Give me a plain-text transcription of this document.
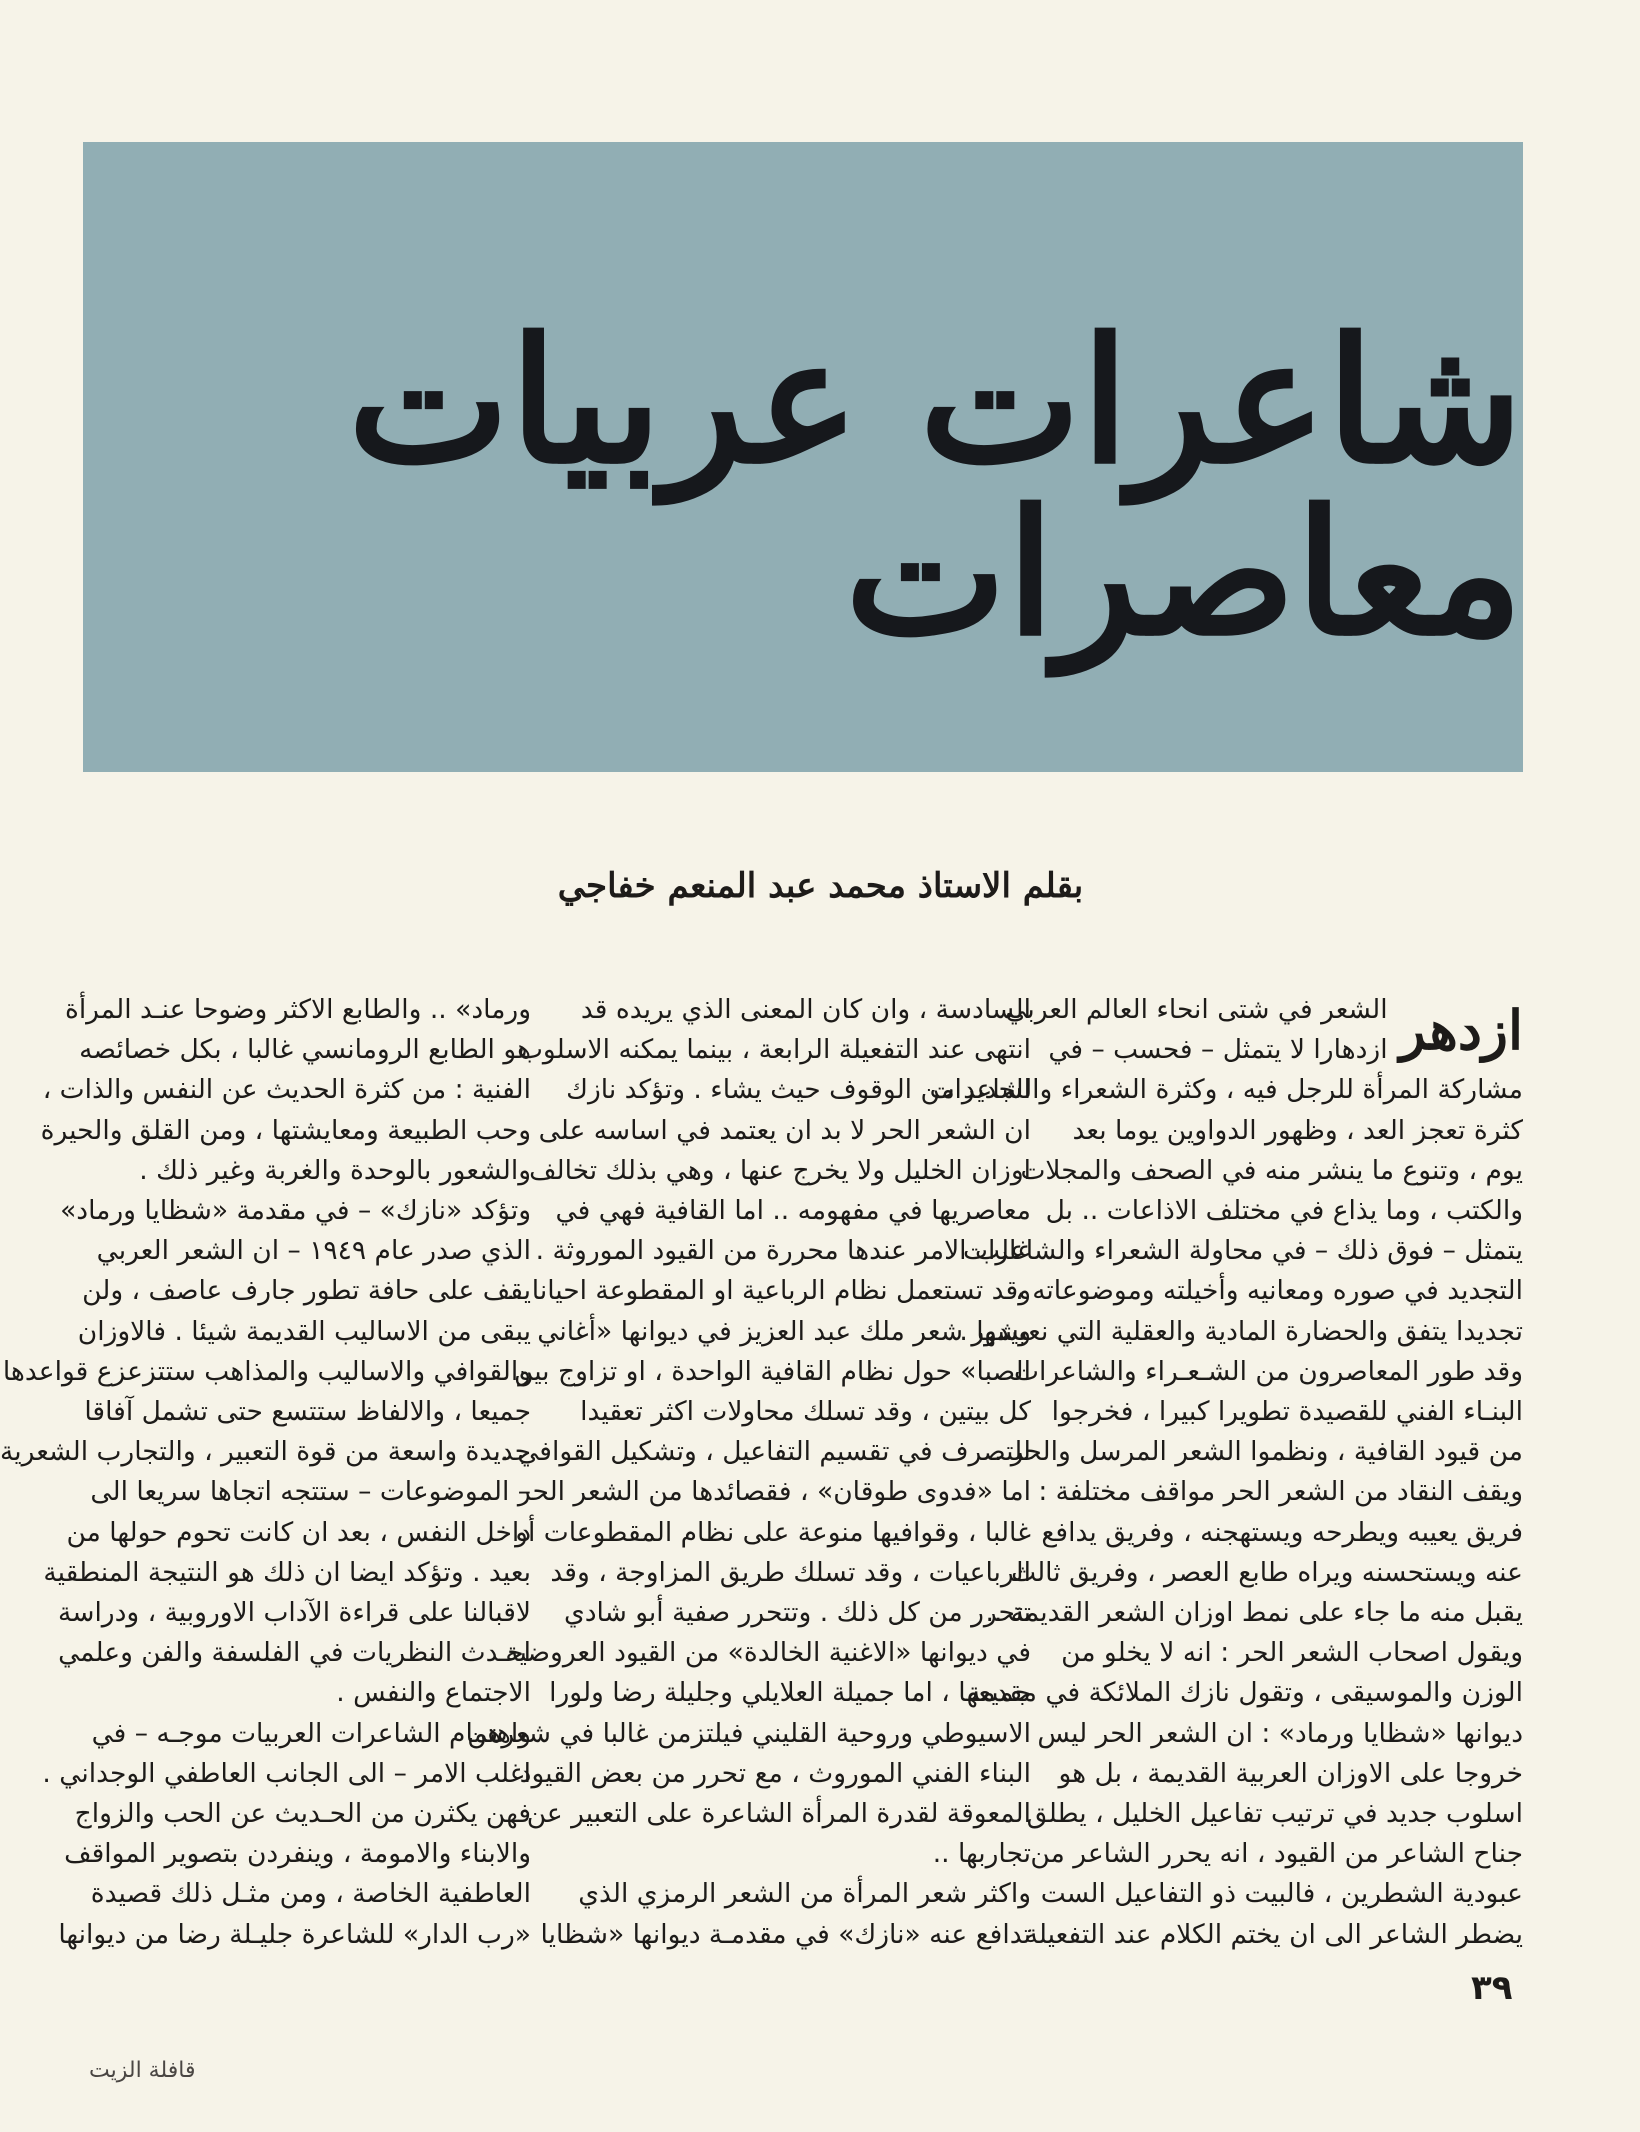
شاعرات عربيات معاصرات
بقلم الاستاذ محمد عبد المنعم خفاجي
ازدهر
الشعر في شتى انحاء العالم العربي
ازدهارا لا يتمثل – فحسب – في
مشاركة المرأة للرجل فيه ، وكثرة الشعراء والشاعرات
كثرة تعجز العد ، وظهور الدواوين يوما بعد
يوم ، وتنوع ما ينشر منه في الصحف والمجلات
والكتب ، وما يذاع في مختلف الاذاعات .. بل
يتمثل – فوق ذلك – في محاولة الشعراء والشاعرات
التجديد في صوره ومعانيه وأخيلته وموضوعاته ،
تجديدا يتفق والحضارة المادية والعقلية التي نعيشها .
وقد طور المعاصرون من الشـعـراء والشاعرات
البنـاء الفني للقصيدة تطويرا كبيرا ، فخرجوا
من قيود القافية ، ونظموا الشعر المرسل والحر .
ويقف النقاد من الشعر الحر مواقف مختلفة :
فريق يعيبه ويطرحه ويستهجنه ، وفريق يدافع
عنه ويستحسنه ويراه طابع العصر ، وفريق ثالث
يقبل منه ما جاء على نمط اوزان الشعر القديمة ..
ويقول اصحاب الشعر الحر : انه لا يخلو من
الوزن والموسيقى ، وتقول نازك الملائكة في مقدمة
ديوانها «شظايا ورماد» : ان الشعر الحر ليس
خروجا على الاوزان العربية القديمة ، بل هو
اسلوب جديد في ترتيب تفاعيل الخليل ، يطلق
جناح الشاعر من القيود ، انه يحرر الشاعر من
عبودية الشطرين ، فالبيت ذو التفاعيل الست
يضطر الشاعر الى ان يختم الكلام عند التفعيلة
السادسة ، وان كان المعنى الذي يريده قد
انتهى عند التفعيلة الرابعة ، بينما يمكنه الاسلوب
الجديد من الوقوف حيث يشاء . وتؤكد نازك
ان الشعر الحر لا بد ان يعتمد في اساسه على
اوزان الخليل ولا يخرج عنها ، وهي بذلك تخالف
معاصريها في مفهومه .. اما القافية فهي في
غالب الامر عندها محررة من القيود الموروثة .
وقد تستعمل نظام الرباعية او المقطوعة احيانا ...
ويدور شعر ملك عبد العزيز في ديوانها «أغاني
الصبا» حول نظام القافية الواحدة ، او تزاوج بين
كل بيتين ، وقد تسلك محاولات اكثر تعقيدا
للتصرف في تقسيم التفاعيل ، وتشكيل القوافي ..
اما «فدوى طوقان» ، فقصائدها من الشعر الحر
غالبا ، وقوافيها منوعة على نظام المقطوعات أو
الرباعيات ، وقد تسلك طريق المزاوجة ، وقد
تتحرر من كل ذلك . وتتحرر صفية أبو شادي
في ديوانها «الاغنية الخالدة» من القيود العروضية
جميعها ، اما جميلة العلايلي وجليلة رضا ولورا
الاسيوطي وروحية القليني فيلتزمن غالبا في شعرهن
البناء الفني الموروث ، مع تحرر من بعض القيود
المعوقة لقدرة المرأة الشاعرة على التعبير عن
تجاربها ..
واكثر شعر المرأة من الشعر الرمزي الذي
تدافع عنه «نازك» في مقدمـة ديوانها «شظايا
ورماد» .. والطابع الاكثر وضوحا عنـد المرأة
هو الطابع الرومانسي غالبا ، بكل خصائصه
الفنية : من كثرة الحديث عن النفس والذات ،
وحب الطبيعة ومعايشتها ، ومن القلق والحيرة
والشعور بالوحدة والغربة وغير ذلك .
وتؤكد «نازك» – في مقدمة «شظايا ورماد»
الذي صدر عام ١٩٤٩ – ان الشعر العربي
يقف على حافة تطور جارف عاصف ، ولن
يبقى من الاساليب القديمة شيئا . فالاوزان
والقوافي والاساليب والمذاهب ستتزعزع قواعدها
جميعا ، والالفاظ ستتسع حتى تشمل آفاقا
جديدة واسعة من قوة التعبير ، والتجارب الشعرية
– الموضوعات – ستتجه اتجاها سريعا الى
داخل النفس ، بعد ان كانت تحوم حولها من
بعيد . وتؤكد ايضا ان ذلك هو النتيجة المنطقية
لاقبالنا على قراءة الآداب الاوروبية ، ودراسة
احـدث النظريات في الفلسفة والفن وعلمي
الاجتماع والنفس .
واهتمام الشاعرات العربيات موجـه – في
اغلب الامر – الى الجانب العاطفي الوجداني .
فهن يكثرن من الحـديث عن الحب والزواج
والابناء والامومة ، وينفردن بتصوير المواقف
العاطفية الخاصة ، ومن مثـل ذلك قصيدة
«رب الدار» للشاعرة جليـلة رضا من ديوانها
٣٩
قافلة الزيت
